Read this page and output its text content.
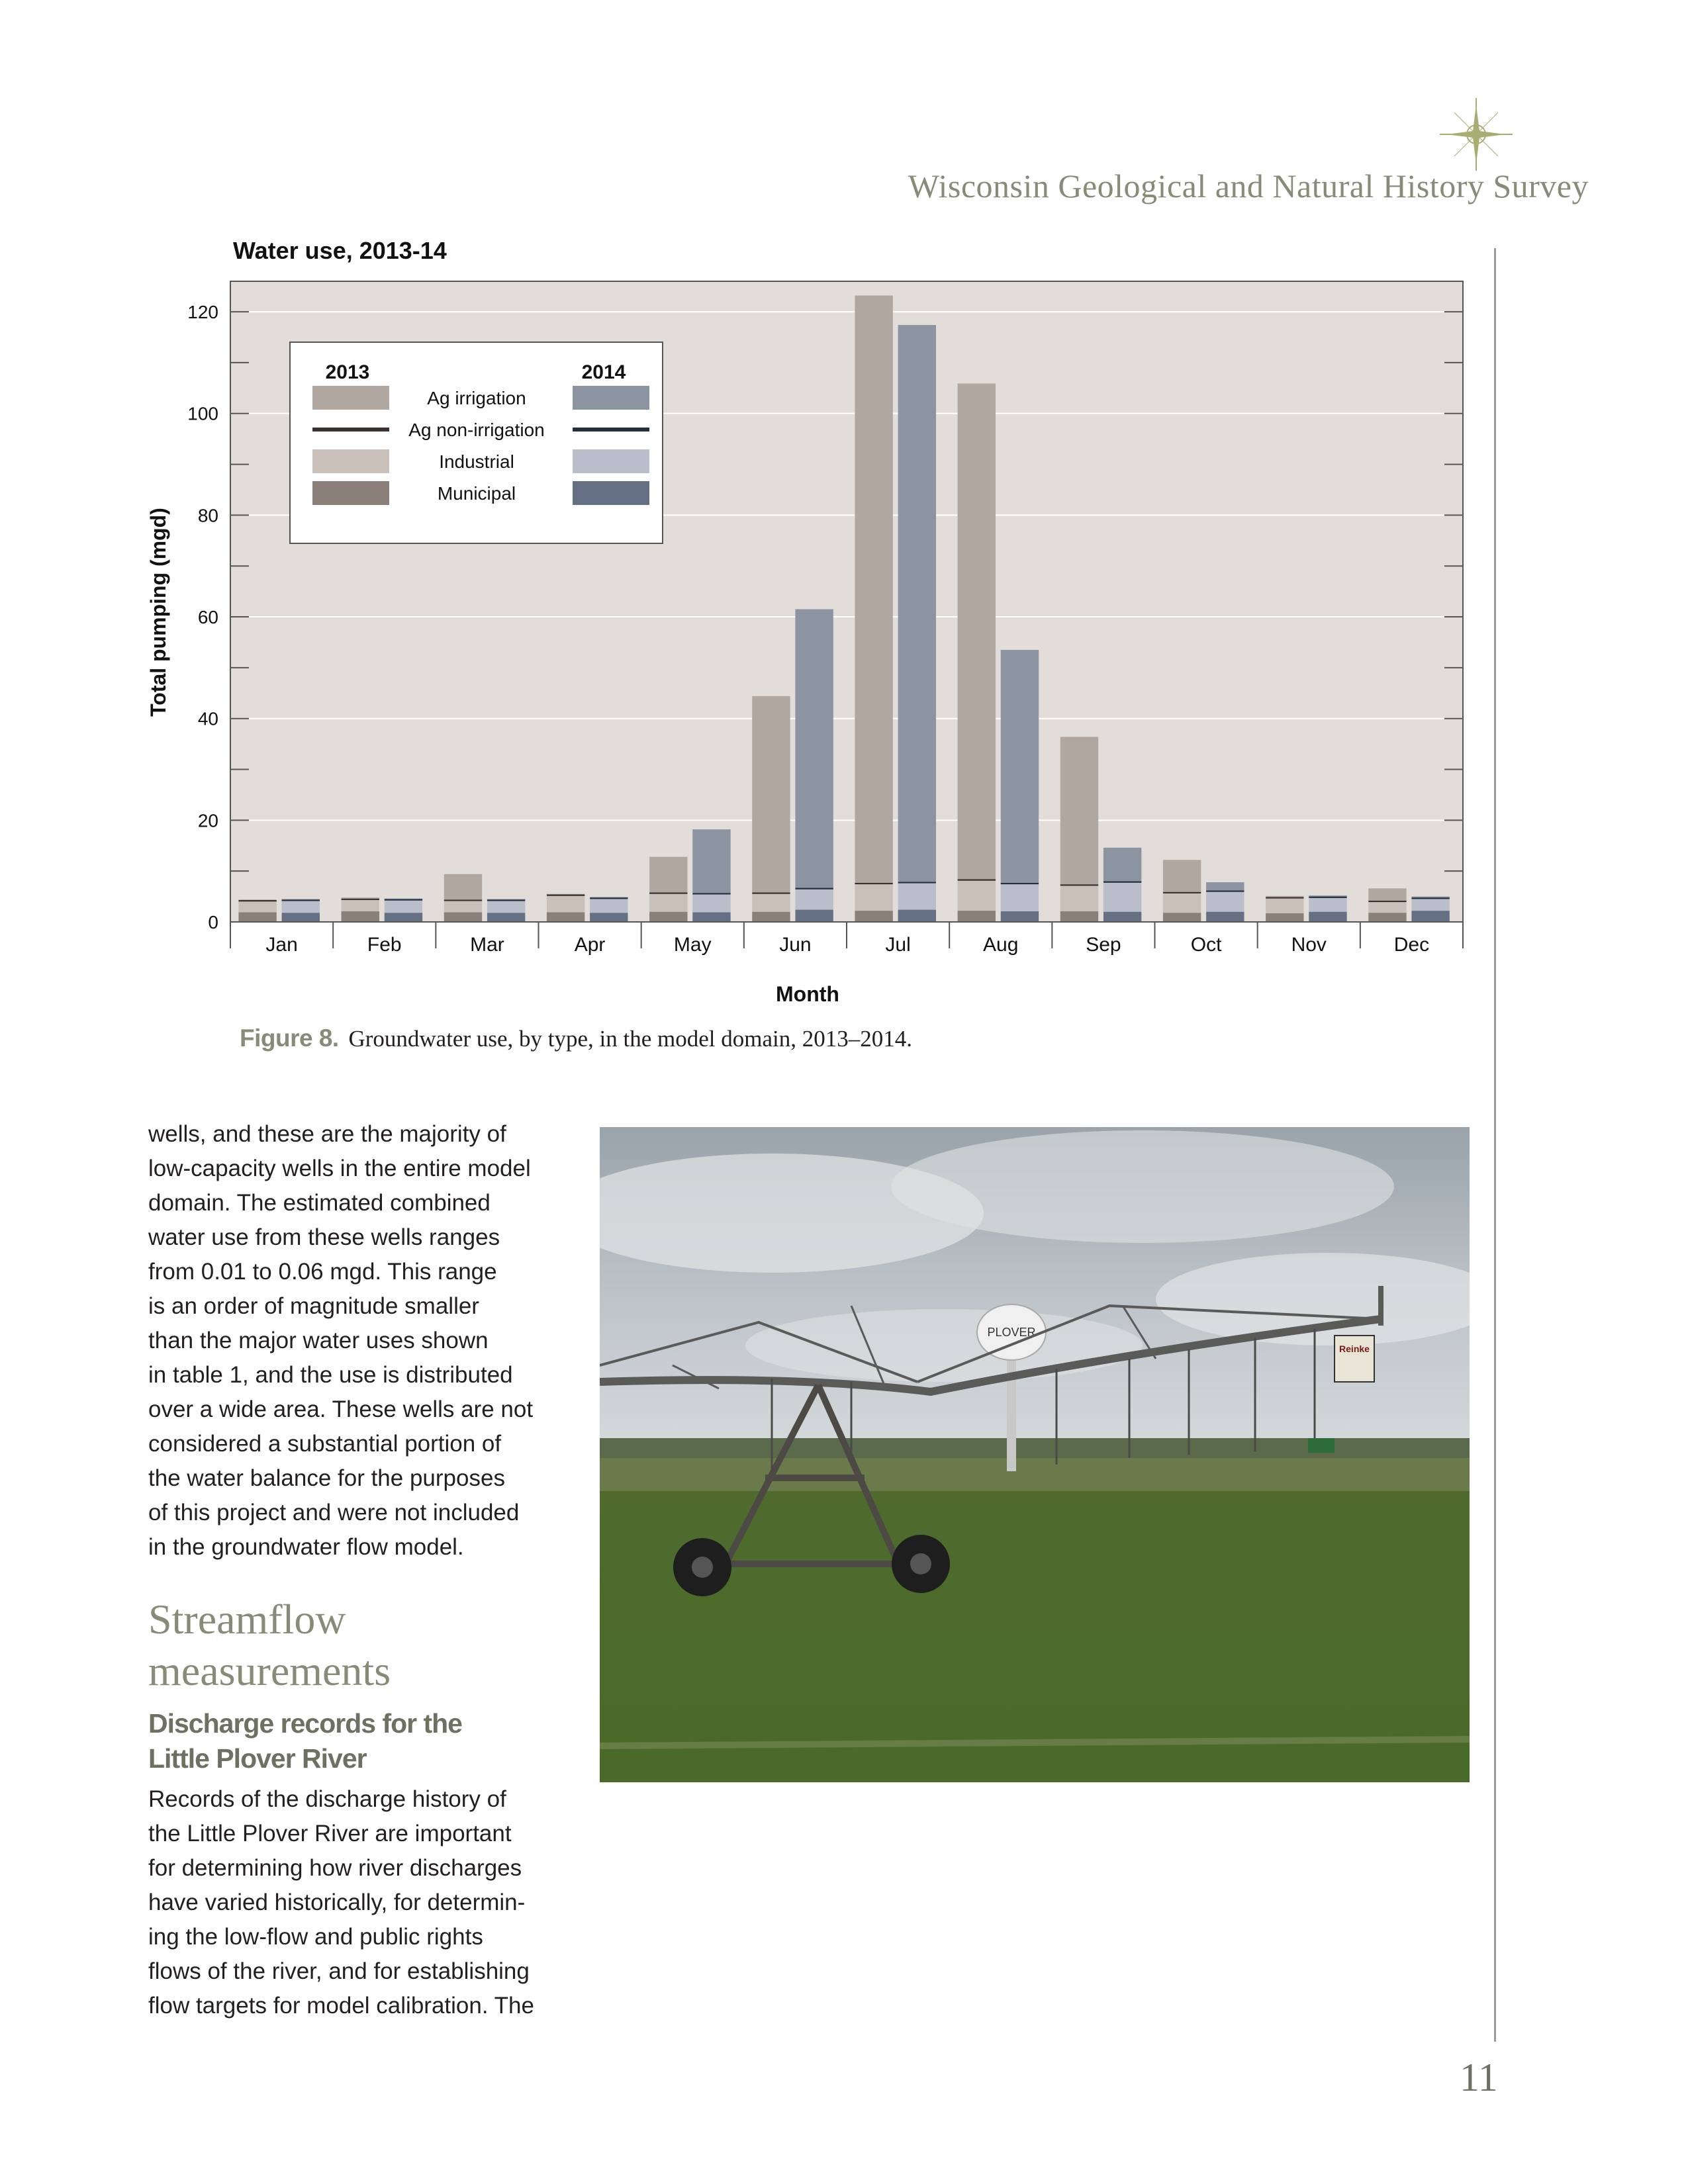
Wisconsin Geological and Natural History Survey
Water use, 2013-14
0
20
40
60
80
100
120
Jan	Feb	Mar	Apr	May	Jun	Jul	Aug	Sep	Oct	Nov	Dec
Total pumping (mgd)
Month
2013	2014
Ag irrigation
Ag non-irrigation
Industrial
Municipal
Figure 8. Groundwater use, by type, in the model domain, 2013–2014.
wells, and these are the majority of
low-capacity wells in the entire model
domain. The estimated combined
water use from these wells ranges
from 0.01 to 0.06 mgd. This range
is an order of magnitude smaller
than the major water uses shown
in table 1, and the use is distributed
over a wide area. These wells are not
considered a substantial portion of
the water balance for the purposes
of this project and were not included
in the groundwater flow model.
Streamflow
measurements
Discharge records for the
Little Plover River
Records of the discharge history of
the Little Plover River are important
for determining how river discharges
have varied historically, for determin-
ing the low-flow and public rights
flows of the river, and for establishing
flow targets for model calibration. The
PLOVER
Reinke
11
